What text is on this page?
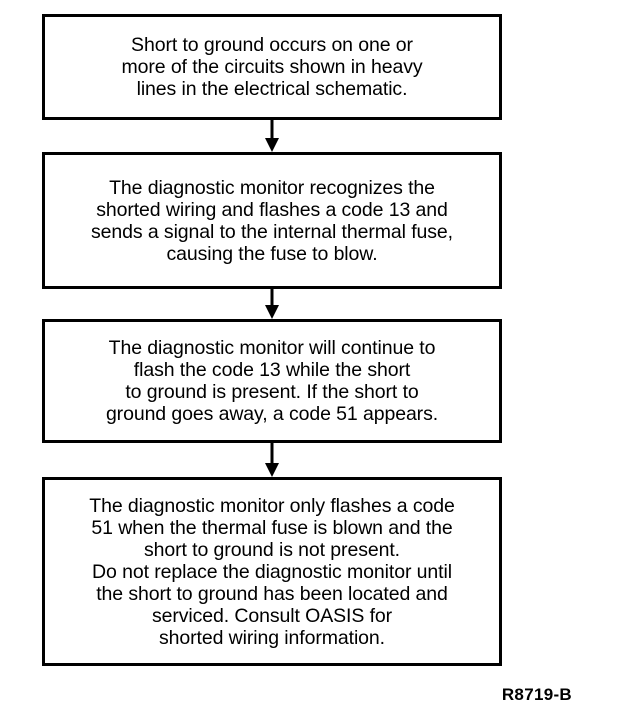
Short to ground occurs on one or
more of the circuits shown in heavy
lines in the electrical schematic.
The diagnostic monitor recognizes the
shorted wiring and flashes a code 13 and
sends a signal to the internal thermal fuse,
causing the fuse to blow.
The diagnostic monitor will continue to
flash the code 13 while the short
to ground is present. If the short to
ground goes away, a code 51 appears.
The diagnostic monitor only flashes a code
51 when the thermal fuse is blown and the
short to ground is not present.
Do not replace the diagnostic monitor until
the short to ground has been located and
serviced. Consult OASIS for
shorted wiring information.
R8719-B
